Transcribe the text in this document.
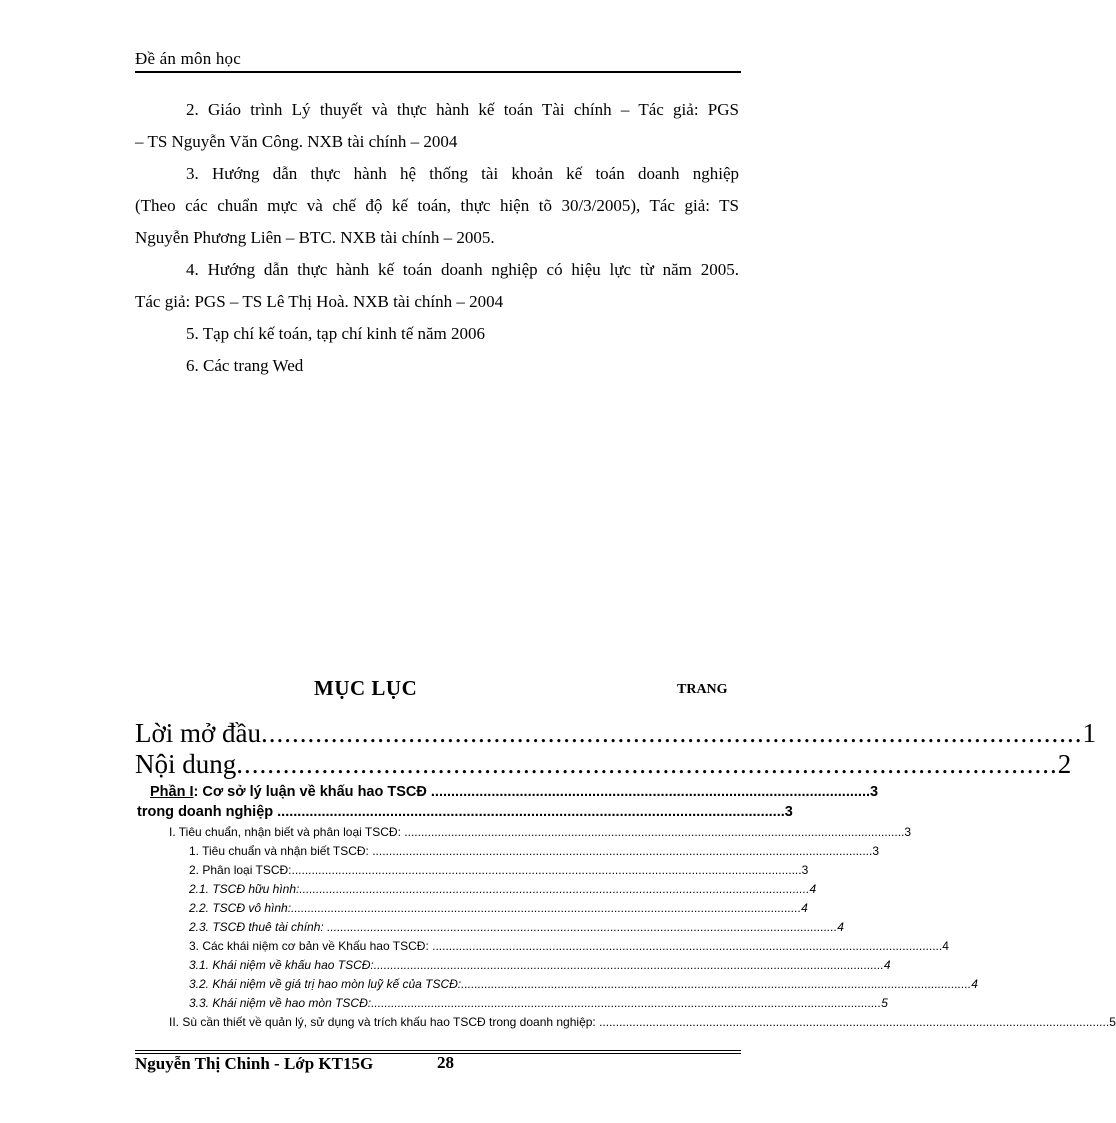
Đề án môn học

2. Giáo trình Lý thuyết và thực hành kế toán Tài chính – Tác giả: PGS

– TS Nguyễn Văn Công. NXB tài chính – 2004

3. Hướng dẫn thực hành hệ thống tài khoản kế toán doanh nghiệp

(Theo các chuẩn mực và chế độ kế toán, thực hiện tõ 30/3/2005), Tác giả: TS

Nguyễn Phương Liên – BTC. NXB tài chính – 2005.

4. Hướng dẫn thực hành kế toán doanh nghiệp có hiệu lực từ năm 2005.

Tác giả: PGS – TS Lê Thị Hoà. NXB tài chính – 2004

5. Tạp chí kế toán, tạp chí kinh tế năm 2006

6. Các trang Wed

MỤC LỤC	TRANG
Lời mở đầu .......................................................................................................... 1
Nội dung .......................................................................................................... 2
Phần I : Cơ sở lý luận về khấu hao TSCĐ ............................................................................................................. 3
trong doanh nghiệp .............................................................................................................................. 3
I. Tiêu chuẩn, nhận biết và phân loại TSCĐ: ...................................................................................................................................................... 3
1. Tiêu chuẩn và nhận biết TSCĐ: ...................................................................................................................................................... 3
2. Phân loại TSCĐ: ......................................................................................................................................................... 3
2.1. TSCĐ hữu hình: ......................................................................................................................................................... 4
2.2. TSCĐ vô hình: ......................................................................................................................................................... 4
2.3. TSCĐ thuê tài chính: ......................................................................................................................................................... 4
3. Các khái niệm cơ bản về Khấu hao TSCĐ: ......................................................................................................................................................... 4
3.1. Khái niệm về khấu hao TSCĐ: ......................................................................................................................................................... 4
3.2. Khái niệm về giá trị hao mòn luỹ kế của TSCĐ: ......................................................................................................................................................... 4
3.3. Khái niệm về hao mòn TSCĐ: ......................................................................................................................................................... 5
II. Sù cần thiết về quản lý, sử dụng và trích khấu hao TSCĐ trong doanh nghiệp: ......................................................................................................................................................... 5
Nguyễn Thị Chinh - Lớp KT15G	28
